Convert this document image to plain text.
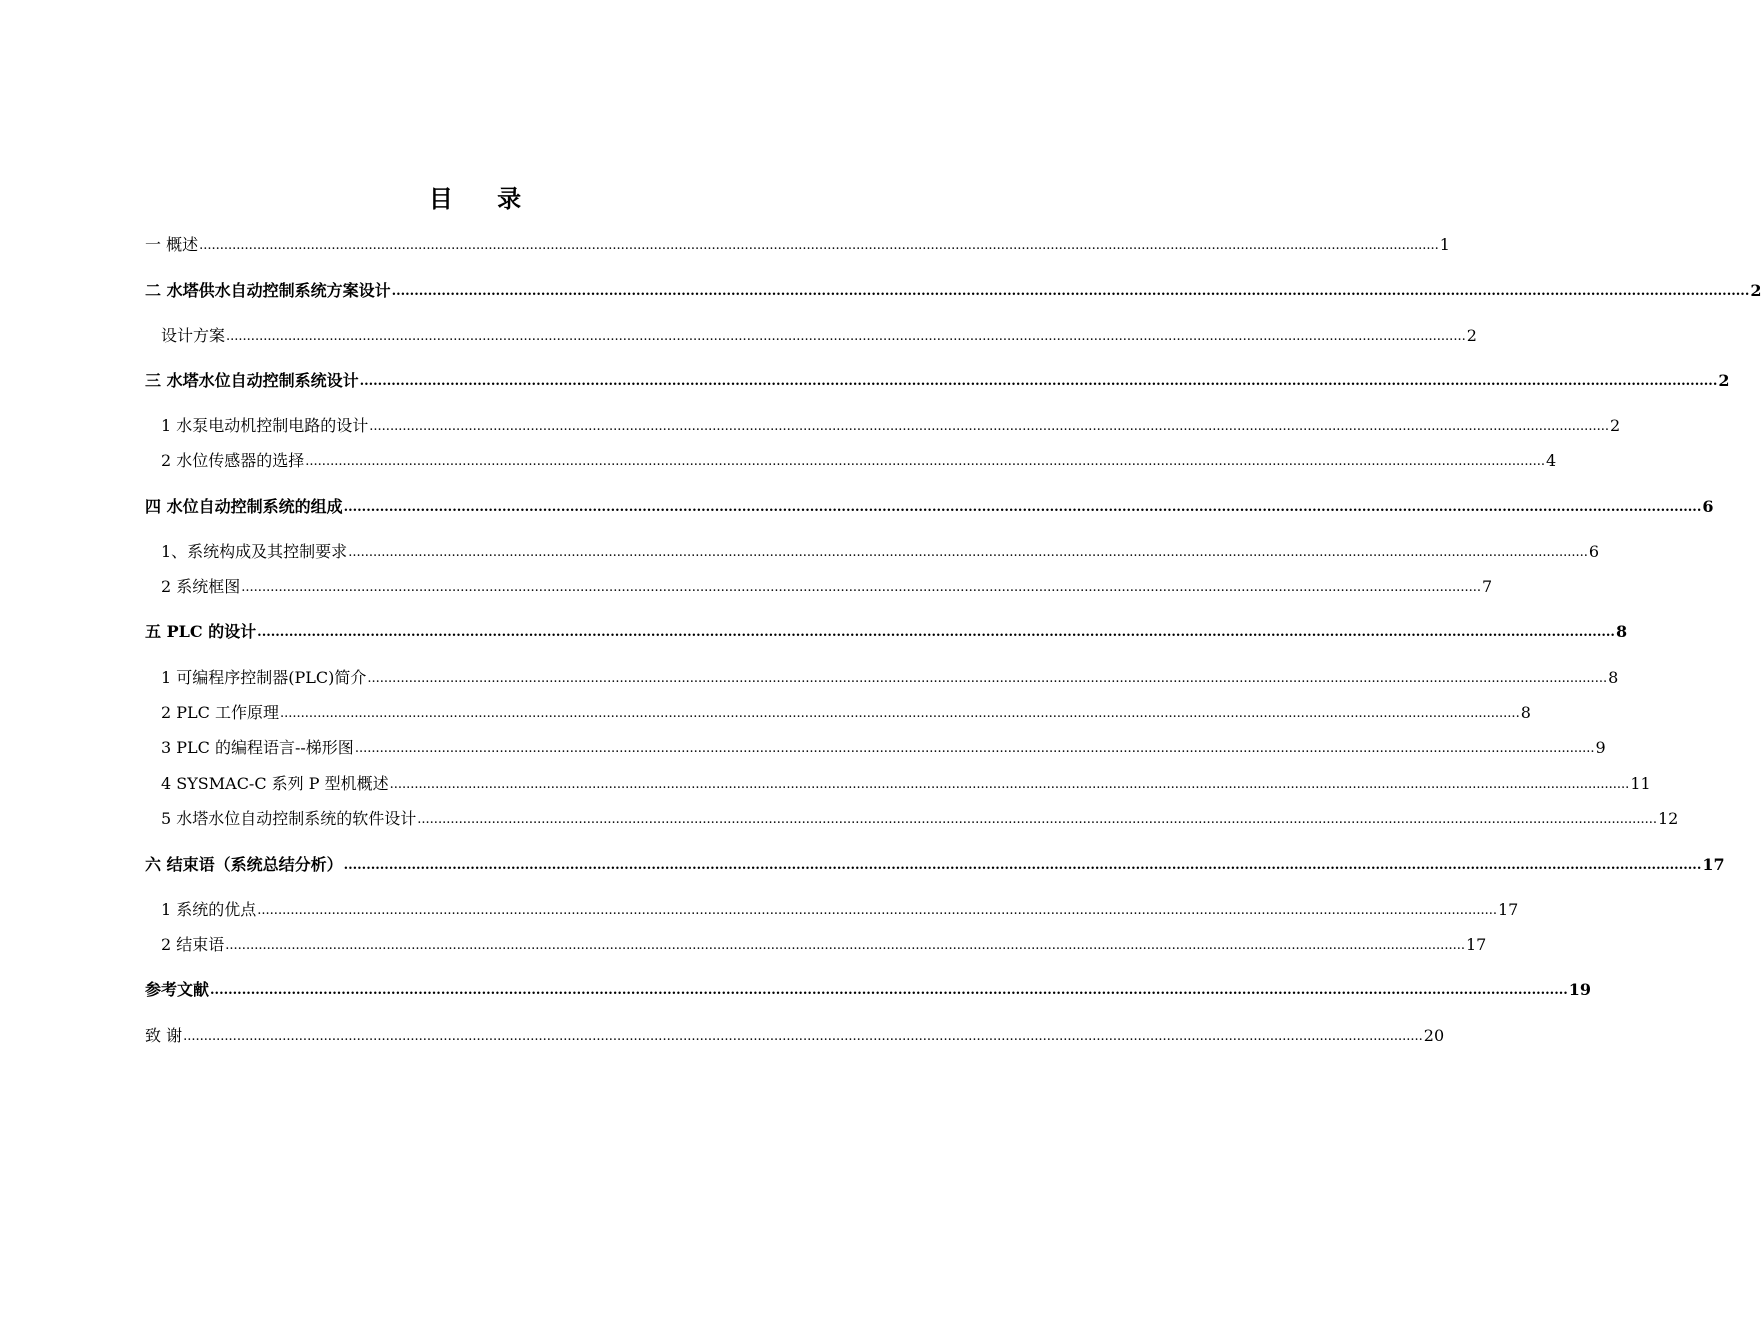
目 录
一 概述 ............................................................................................................................................................................................................................................................................................................ 1
二 水塔供水自动控制系统方案设计 ............................................................................................................................................................................................................................................................................................................ 2
设计方案 ............................................................................................................................................................................................................................................................................................................ 2
三 水塔水位自动控制系统设计 ............................................................................................................................................................................................................................................................................................................ 2
1 水泵电动机控制电路的设计 ............................................................................................................................................................................................................................................................................................................ 2
2 水位传感器的选择 ............................................................................................................................................................................................................................................................................................................ 4
四 水位自动控制系统的组成 ............................................................................................................................................................................................................................................................................................................ 6
1、系统构成及其控制要求 ............................................................................................................................................................................................................................................................................................................ 6
2 系统框图 ............................................................................................................................................................................................................................................................................................................ 7
五 PLC 的设计 ............................................................................................................................................................................................................................................................................................................ 8
1 可编程序控制器(PLC)简介 ............................................................................................................................................................................................................................................................................................................ 8
2 PLC 工作原理 ............................................................................................................................................................................................................................................................................................................ 8
3 PLC 的编程语言--梯形图 ............................................................................................................................................................................................................................................................................................................ 9
4 SYSMAC-C 系列 P 型机概述 ............................................................................................................................................................................................................................................................................................................ 11
5 水塔水位自动控制系统的软件设计 ............................................................................................................................................................................................................................................................................................................ 12
六 结束语（系统总结分析） ............................................................................................................................................................................................................................................................................................................ 17
1 系统的优点 ............................................................................................................................................................................................................................................................................................................ 17
2 结束语 ............................................................................................................................................................................................................................................................................................................ 17
参考文献 ............................................................................................................................................................................................................................................................................................................ 19
致 谢 ............................................................................................................................................................................................................................................................................................................ 20
